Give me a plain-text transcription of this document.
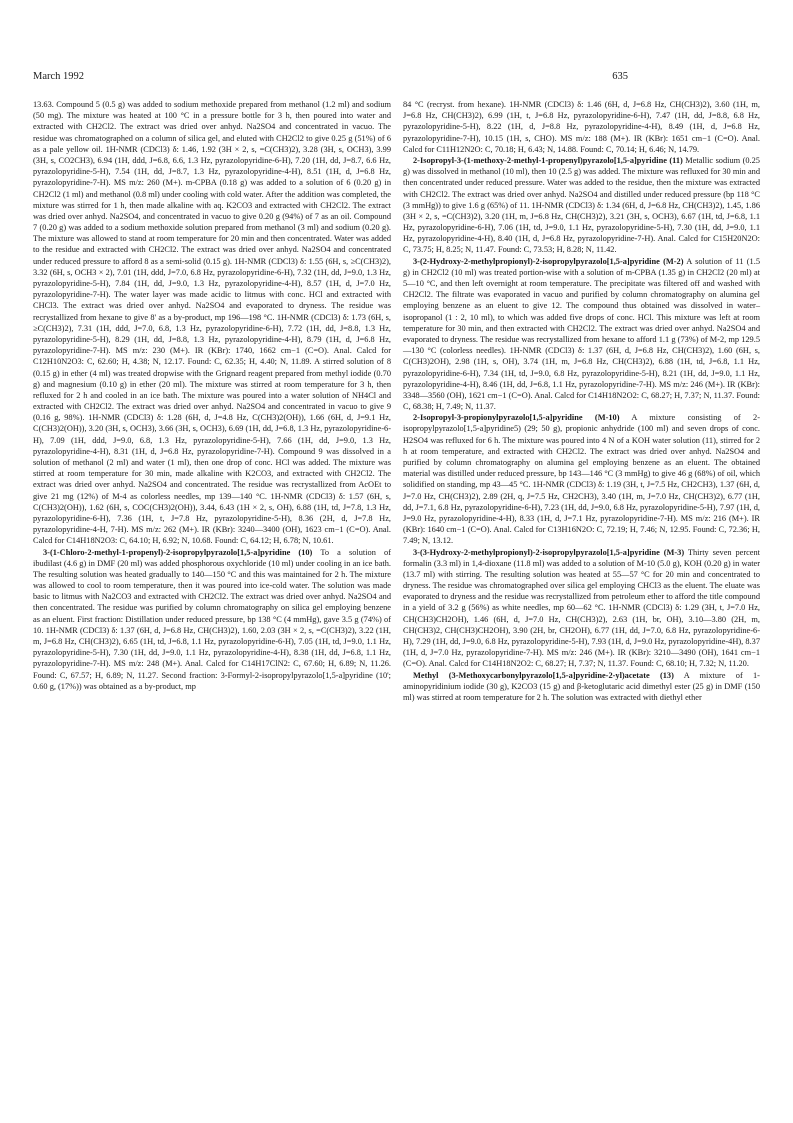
March 1992	635

13.63. Compound 5 (0.5 g) was added to sodium methoxide prepared from methanol (1.2 ml) and sodium (50 mg). The mixture was heated at 100 °C in a pressure bottle for 3 h, then poured into water and extracted with CH2Cl2. The extract was dried over anhyd. Na2SO4 and concentrated in vacuo. The residue was chromatographed on a column of silica gel, and eluted with CH2Cl2 to give 0.25 g (51%) of 6 as a pale yellow oil. 1H-NMR (CDCl3) δ: 1.46, 1.92 (3H × 2, s, =C(CH3)2), 3.28 (3H, s, OCH3), 3.99 (3H, s, CO2CH3), 6.94 (1H, ddd, J=6.8, 6.6, 1.3 Hz, pyrazolopyridine-6-H), 7.20 (1H, dd, J=8.7, 6.6 Hz, pyrazolopyridine-5-H), 7.54 (1H, dd, J=8.7, 1.3 Hz, pyrazolopyridine-4-H), 8.51 (1H, d, J=6.8 Hz, pyrazolopyridine-7-H). MS m/z: 260 (M+). m-CPBA (0.18 g) was added to a solution of 6 (0.20 g) in CH2Cl2 (1 ml) and methanol (0.8 ml) under cooling with cold water. After the addition was completed, the mixture was stirred for 1 h, then made alkaline with aq. K2CO3 and extracted with CH2Cl2. The extract was dried over anhyd. Na2SO4, and concentrated in vacuo to give 0.20 g (94%) of 7 as an oil. Compound 7 (0.20 g) was added to a sodium methoxide solution prepared from methanol (3 ml) and sodium (0.20 g). The mixture was allowed to stand at room temperature for 20 min and then concentrated. Water was added to the residue and extracted with CH2Cl2. The extract was dried over anhyd. Na2SO4 and concentrated under reduced pressure to afford 8 as a semi-solid (0.15 g). 1H-NMR (CDCl3) δ: 1.55 (6H, s, ≥C(CH3)2), 3.32 (6H, s, OCH3 × 2), 7.01 (1H, ddd, J=7.0, 6.8 Hz, pyrazolopyridine-6-H), 7.32 (1H, dd, J=9.0, 1.3 Hz, pyrazolopyridine-5-H), 7.84 (1H, dd, J=9.0, 1.3 Hz, pyrazolopyridine-4-H), 8.57 (1H, d, J=7.0 Hz, pyrazolopyridine-7-H). The water layer was made acidic to litmus with conc. HCl and extracted with CHCl3. The extract was dried over anhyd. Na2SO4 and evaporated to dryness. The residue was recrystallized from hexane to give 8' as a by-product, mp 196—198 °C. 1H-NMR (CDCl3) δ: 1.73 (6H, s, ≥C(CH3)2), 7.31 (1H, ddd, J=7.0, 6.8, 1.3 Hz, pyrazolopyridine-6-H), 7.72 (1H, dd, J=8.8, 1.3 Hz, pyrazolopyridine-5-H), 8.29 (1H, dd, J=8.8, 1.3 Hz, pyrazolopyridine-4-H), 8.79 (1H, d, J=6.8 Hz, pyrazolopyridine-7-H). MS m/z: 230 (M+). IR (KBr): 1740, 1662 cm−1 (C=O). Anal. Calcd for C12H10N2O3: C, 62.60; H, 4.38; N, 12.17. Found: C, 62.35; H, 4.40; N, 11.89. A stirred solution of 8 (0.15 g) in ether (4 ml) was treated dropwise with the Grignard reagent prepared from methyl iodide (0.70 g) and magnesium (0.10 g) in ether (20 ml). The mixture was stirred at room temperature for 3 h, then refluxed for 2 h and cooled in an ice bath. The mixture was poured into a water solution of NH4Cl and extracted with CH2Cl2. The extract was dried over anhyd. Na2SO4 and concentrated in vacuo to give 9 (0.16 g, 98%). 1H-NMR (CDCl3) δ: 1.28 (6H, d, J=4.8 Hz, C(CH3)2(OH)), 1.66 (6H, d, J=9.1 Hz, C(CH3)2(OH)), 3.20 (3H, s, OCH3), 3.66 (3H, s, OCH3), 6.69 (1H, dd, J=6.8, 1.3 Hz, pyrazolopyridine-6-H), 7.09 (1H, ddd, J=9.0, 6.8, 1.3 Hz, pyrazolopyridine-5-H), 7.66 (1H, dd, J=9.0, 1.3 Hz, pyrazolopyridine-4-H), 8.31 (1H, d, J=6.8 Hz, pyrazolopyridine-7-H). Compound 9 was dissolved in a solution of methanol (2 ml) and water (1 ml), then one drop of conc. HCl was added. The mixture was stirred at room temperature for 30 min, made alkaline with K2CO3, and extracted with CH2Cl2. The extract was dried over anhyd. Na2SO4 and concentrated. The residue was recrystallized from AcOEt to give 21 mg (12%) of M-4 as colorless needles, mp 139—140 °C. 1H-NMR (CDCl3) δ: 1.57 (6H, s, C(CH3)2(OH)), 1.62 (6H, s, COC(CH3)2(OH)), 3.44, 6.43 (1H × 2, s, OH), 6.88 (1H, td, J=7.8, 1.3 Hz, pyrazolopyridine-6-H), 7.36 (1H, t, J=7.8 Hz, pyrazolopyridine-5-H), 8.36 (2H, d, J=7.8 Hz, pyrazolopyridine-4-H, 7-H). MS m/z: 262 (M+). IR (KBr): 3240—3400 (OH), 1623 cm−1 (C=O). Anal. Calcd for C14H18N2O3: C, 64.10; H, 6.92; N, 10.68. Found: C, 64.12; H, 6.78; N, 10.61.

3-(1-Chloro-2-methyl-1-propenyl)-2-isopropylpyrazolo[1,5-a]pyridine (10) To a solution of ibudilast (4.6 g) in DMF (20 ml) was added phosphorous oxychloride (10 ml) under cooling in an ice bath. The resulting solution was heated gradually to 140—150 °C and this was maintained for 2 h. The mixture was allowed to cool to room temperature, then it was poured into ice-cold water. The solution was made basic to litmus with Na2CO3 and extracted with CH2Cl2. The extract was dried over anhyd. Na2SO4 and then concentrated. The residue was purified by column chromatography on silica gel employing benzene as an eluent. First fraction: Distillation under reduced pressure, bp 138 °C (4 mmHg), gave 3.5 g (74%) of 10. 1H-NMR (CDCl3) δ: 1.37 (6H, d, J=6.8 Hz, CH(CH3)2), 1.60, 2.03 (3H × 2, s, =C(CH3)2), 3.22 (1H, m, J=6.8 Hz, CH(CH3)2), 6.65 (1H, td, J=6.8, 1.1 Hz, pyrazolopyridine-6-H), 7.05 (1H, td, J=9.0, 1.1 Hz, pyrazolopyridine-5-H), 7.30 (1H, dd, J=9.0, 1.1 Hz, pyrazolopyridine-4-H), 8.38 (1H, dd, J=6.8, 1.1 Hz, pyrazolopyridine-7-H). MS m/z: 248 (M+). Anal. Calcd for C14H17ClN2: C, 67.60; H, 6.89; N, 11.26. Found: C, 67.57; H, 6.89; N, 11.27. Second fraction: 3-Formyl-2-isopropylpyrazolo[1,5-a]pyridine (10'; 0.60 g, (17%)) was obtained as a by-product, mp

84 °C (recryst. from hexane). 1H-NMR (CDCl3) δ: 1.46 (6H, d, J=6.8 Hz, CH(CH3)2), 3.60 (1H, m, J=6.8 Hz, CH(CH3)2), 6.99 (1H, t, J=6.8 Hz, pyrazolopyridine-6-H), 7.47 (1H, dd, J=8.8, 6.8 Hz, pyrazolopyridine-5-H), 8.22 (1H, d, J=8.8 Hz, pyrazolopyridine-4-H), 8.49 (1H, d, J=6.8 Hz, pyrazolopyridine-7-H), 10.15 (1H, s, CHO). MS m/z: 188 (M+). IR (KBr): 1651 cm−1 (C=O). Anal. Calcd for C11H12N2O: C, 70.18; H, 6.43; N, 14.88. Found: C, 70.14; H, 6.46; N, 14.79.

2-Isopropyl-3-(1-methoxy-2-methyl-1-propenyl)pyrazolo[1,5-a]pyridine (11) Metallic sodium (0.25 g) was dissolved in methanol (10 ml), then 10 (2.5 g) was added. The mixture was refluxed for 30 min and then concentrated under reduced pressure. Water was added to the residue, then the mixture was extracted with CH2Cl2. The extract was dried over anhyd. Na2SO4 and distilled under reduced pressure (bp 118 °C (3 mmHg)) to give 1.6 g (65%) of 11. 1H-NMR (CDCl3) δ: 1.34 (6H, d, J=6.8 Hz, CH(CH3)2), 1.45, 1.86 (3H × 2, s, =C(CH3)2), 3.20 (1H, m, J=6.8 Hz, CH(CH3)2), 3.21 (3H, s, OCH3), 6.67 (1H, td, J=6.8, 1.1 Hz, pyrazolopyridine-6-H), 7.06 (1H, td, J=9.0, 1.1 Hz, pyrazolopyridine-5-H), 7.30 (1H, dd, J=9.0, 1.1 Hz, pyrazolopyridine-4-H), 8.40 (1H, d, J=6.8 Hz, pyrazolopyridine-7-H). Anal. Calcd for C15H20N2O: C, 73.75; H, 8.25; N, 11.47. Found: C, 73.53; H, 8.28; N, 11.42.

3-(2-Hydroxy-2-methylpropionyl)-2-isopropylpyrazolo[1,5-a]pyridine (M-2) A solution of 11 (1.5 g) in CH2Cl2 (10 ml) was treated portion-wise with a solution of m-CPBA (1.35 g) in CH2Cl2 (20 ml) at 5—10 °C, and then left overnight at room temperature. The precipitate was filtered off and washed with CH2Cl2. The filtrate was evaporated in vacuo and purified by column chromatography on alumina gel employing benzene as an eluent to give 12. The compound thus obtained was dissolved in water–isopropanol (1 : 2, 10 ml), to which was added five drops of conc. HCl. This mixture was left at room temperature for 30 min, and then extracted with CH2Cl2. The extract was dried over anhyd. Na2SO4 and evaporated to dryness. The residue was recrystallized from hexane to afford 1.1 g (73%) of M-2, mp 129.5—130 °C (colorless needles). 1H-NMR (CDCl3) δ: 1.37 (6H, d, J=6.8 Hz, CH(CH3)2), 1.60 (6H, s, C(CH3)2OH), 2.98 (1H, s, OH), 3.74 (1H, m, J=6.8 Hz, CH(CH3)2), 6.88 (1H, td, J=6.8, 1.1 Hz, pyrazolopyridine-6-H), 7.34 (1H, td, J=9.0, 6.8 Hz, pyrazolopyridine-5-H), 8.21 (1H, dd, J=9.0, 1.1 Hz, pyrazolopyridine-4-H), 8.46 (1H, dd, J=6.8, 1.1 Hz, pyrazolopyridine-7-H). MS m/z: 246 (M+). IR (KBr): 3348—3560 (OH), 1621 cm−1 (C=O). Anal. Calcd for C14H18N2O2: C, 68.27; H, 7.37; N, 11.37. Found: C, 68.38; H, 7.49; N, 11.37.

2-Isopropyl-3-propionylpyrazolo[1,5-a]pyridine (M-10) A mixture consisting of 2-isopropylpyrazolo[1,5-a]pyridine5) (29; 50 g), propionic anhydride (100 ml) and seven drops of conc. H2SO4 was refluxed for 6 h. The mixture was poured into 4 N of a KOH water solution (11), stirred for 2 h at room temperature, and extracted with CH2Cl2. The extract was dried over anhyd. Na2SO4 and purified by column chromatography on alumina gel employing benzene as an eluent. The obtained material was distilled under reduced pressure, bp 143—146 °C (3 mmHg) to give 46 g (68%) of oil, which solidified on standing, mp 43—45 °C. 1H-NMR (CDCl3) δ: 1.19 (3H, t, J=7.5 Hz, CH2CH3), 1.37 (6H, d, J=7.0 Hz, CH(CH3)2), 2.89 (2H, q, J=7.5 Hz, CH2CH3), 3.40 (1H, m, J=7.0 Hz, CH(CH3)2), 6.77 (1H, dd, J=7.1, 6.8 Hz, pyrazolopyridine-6-H), 7.23 (1H, dd, J=9.0, 6.8 Hz, pyrazolopyridine-5-H), 7.97 (1H, d, J=9.0 Hz, pyrazolopyridine-4-H), 8.33 (1H, d, J=7.1 Hz, pyrazolopyridine-7-H). MS m/z: 216 (M+). IR (KBr): 1640 cm−1 (C=O). Anal. Calcd for C13H16N2O: C, 72.19; H, 7.46; N, 12.95. Found: C, 72.36; H, 7.49; N, 13.12.

3-(3-Hydroxy-2-methylpropionyl)-2-isopropylpyrazolo[1,5-a]pyridine (M-3) Thirty seven percent formalin (3.3 ml) in 1,4-dioxane (11.8 ml) was added to a solution of M-10 (5.0 g), KOH (0.20 g) in water (13.7 ml) with stirring. The resulting solution was heated at 55—57 °C for 20 min and concentrated to dryness. The residue was chromatographed over silica gel employing CHCl3 as the eluent. The eluate was evaporated to dryness and the residue was recrystallized from petroleum ether to afford the title compound in a yield of 3.2 g (56%) as white needles, mp 60—62 °C. 1H-NMR (CDCl3) δ: 1.29 (3H, t, J=7.0 Hz, CH(CH3)CH2OH), 1.46 (6H, d, J=7.0 Hz, CH(CH3)2), 2.63 (1H, br, OH), 3.10—3.80 (2H, m, CH(CH3)2, CH(CH3)CH2OH), 3.90 (2H, br, CH2OH), 6.77 (1H, dd, J=7.0, 6.8 Hz, pyrazolopyridine-6-H), 7.29 (1H, dd, J=9.0, 6.8 Hz, pyrazolopyridine-5-H), 7.93 (1H, d, J=9.0 Hz, pyrazolopyridine-4H), 8.37 (1H, d, J=7.0 Hz, pyrazolopyridine-7-H). MS m/z: 246 (M+). IR (KBr): 3210—3490 (OH), 1641 cm−1 (C=O). Anal. Calcd for C14H18N2O2: C, 68.27; H, 7.37; N, 11.37. Found: C, 68.10; H, 7.32; N, 11.20.

Methyl (3-Methoxycarbonylpyrazolo[1,5-a]pyridine-2-yl)acetate (13) A mixture of 1-aminopyridinium iodide (30 g), K2CO3 (15 g) and β-ketoglutaric acid dimethyl ester (25 g) in DMF (150 ml) was stirred at room temperature for 2 h. The solution was extracted with diethyl ether
